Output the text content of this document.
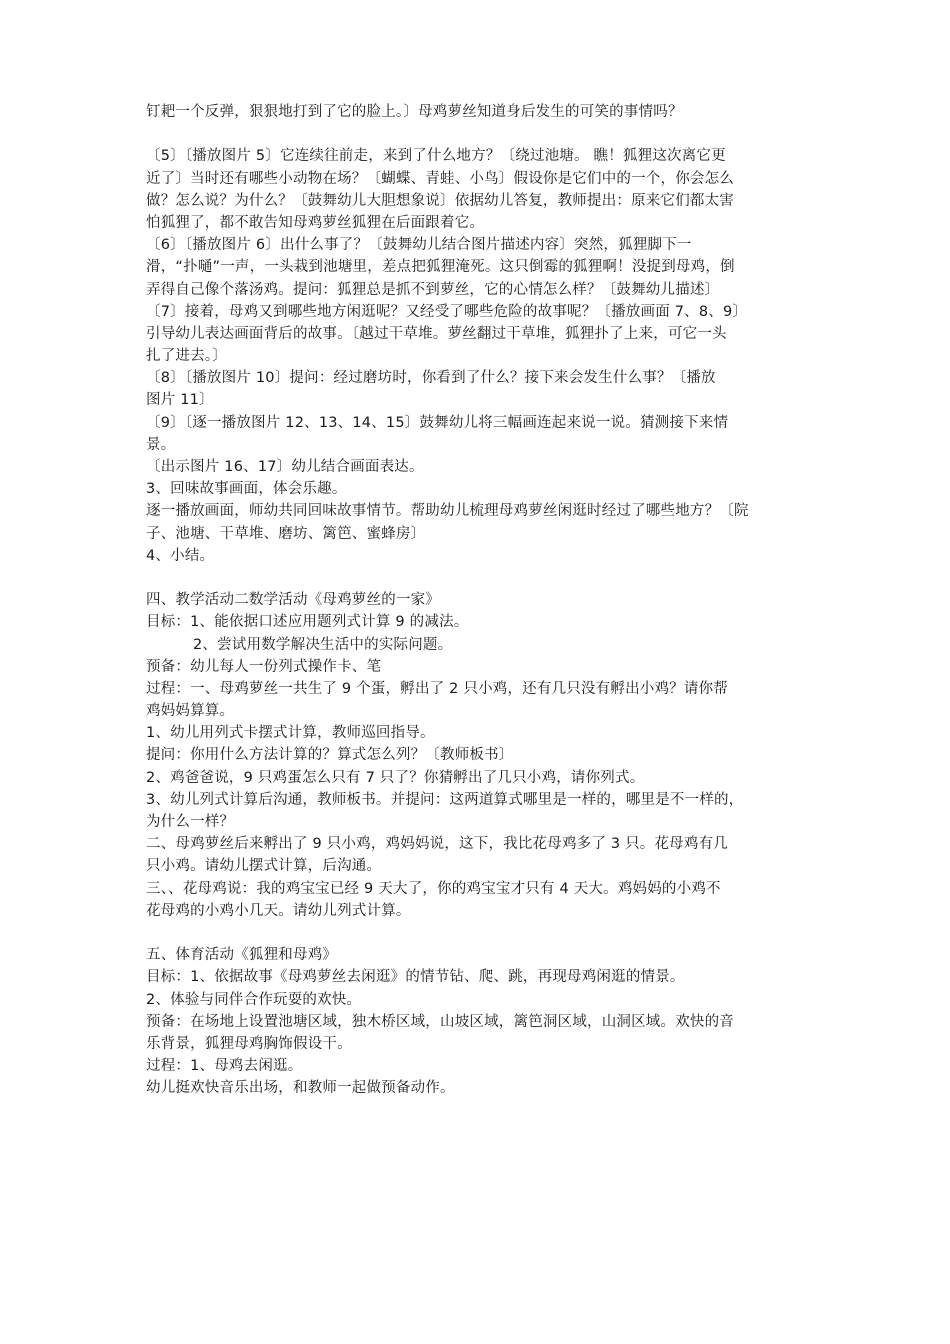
钉耙一个反弹，狠狠地打到了它的脸上。〕母鸡萝丝知道身后发生的可笑的事情吗？
〔5〕〔播放图片 5〕它连续往前走，来到了什么地方？〔绕过池塘。 瞧！狐狸这次离它更
近了〕当时还有哪些小动物在场？〔蝴蝶、青蛙、小鸟〕假设你是它们中的一个，你会怎么
做？怎么说？为什么？〔鼓舞幼儿大胆想象说〕依据幼儿答复，教师提出：原来它们都太害
怕狐狸了，都不敢告知母鸡萝丝狐狸在后面跟着它。
〔6〕〔播放图片 6〕出什么事了？〔鼓舞幼儿结合图片描述内容〕突然，狐狸脚下一
滑，“扑嗵”一声，一头栽到池塘里，差点把狐狸淹死。这只倒霉的狐狸啊！没捉到母鸡，倒
弄得自己像个落汤鸡。提问：狐狸总是抓不到萝丝，它的心情怎么样？〔鼓舞幼儿描述〕
〔7〕接着，母鸡又到哪些地方闲逛呢？又经受了哪些危险的故事呢？〔播放画面 7、8、9〕
引导幼儿表达画面背后的故事。〔越过干草堆。萝丝翻过干草堆，狐狸扑了上来，可它一头
扎了进去。〕
〔8〕〔播放图片 10〕提问：经过磨坊时，你看到了什么？接下来会发生什么事？〔播放
图片 11〕
〔9〕〔逐一播放图片 12、13、14、15〕鼓舞幼儿将三幅画连起来说一说。猜测接下来情
景。
〔出示图片 16、17〕幼儿结合画面表达。
3、回味故事画面，体会乐趣。
逐一播放画面，师幼共同回味故事情节。帮助幼儿梳理母鸡萝丝闲逛时经过了哪些地方？〔院
子、池塘、干草堆、磨坊、篱笆、蜜蜂房〕
4、小结。
四、教学活动二数学活动《母鸡萝丝的一家》
目标：1、能依据口述应用题列式计算 9 的减法。
2、尝试用数学解决生活中的实际问题。
预备：幼儿每人一份列式操作卡、笔
过程：一、母鸡萝丝一共生了 9 个蛋，孵出了 2 只小鸡，还有几只没有孵出小鸡？请你帮
鸡妈妈算算。
1、幼儿用列式卡摆式计算，教师巡回指导。
提问：你用什么方法计算的？算式怎么列？〔教师板书〕
2、鸡爸爸说，9 只鸡蛋怎么只有 7 只了？你猜孵出了几只小鸡，请你列式。
3、幼儿列式计算后沟通，教师板书。并提问：这两道算式哪里是一样的，哪里是不一样的，
为什么一样？
二、母鸡萝丝后来孵出了 9 只小鸡，鸡妈妈说，这下，我比花母鸡多了 3 只。花母鸡有几
只小鸡。请幼儿摆式计算，后沟通。
三、、花母鸡说：我的鸡宝宝已经 9 天大了，你的鸡宝宝才只有 4 天大。鸡妈妈的小鸡不
花母鸡的小鸡小几天。请幼儿列式计算。
五、体育活动《狐狸和母鸡》
目标：1、依据故事《母鸡萝丝去闲逛》的情节钻、爬、跳，再现母鸡闲逛的情景。
2、体验与同伴合作玩耍的欢快。
预备：在场地上设置池塘区域，独木桥区域，山坡区域，篱笆洞区域，山洞区域。欢快的音
乐背景，狐狸母鸡胸饰假设干。
过程：1、母鸡去闲逛。
幼儿挺欢快音乐出场，和教师一起做预备动作。
